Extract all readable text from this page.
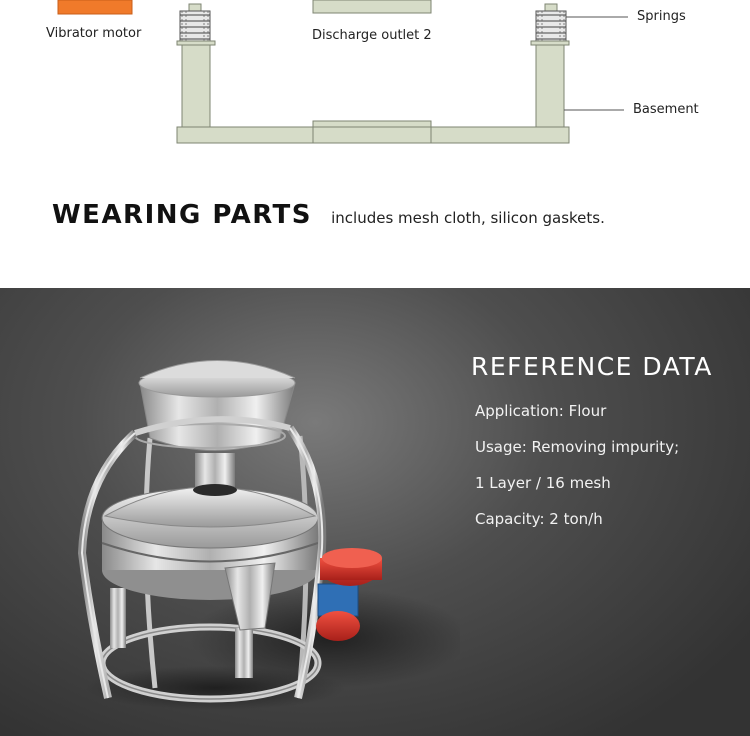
Vibrator motor	Discharge outlet 2
Springs
Basement
WEARING PARTS includes mesh cloth, silicon gaskets.
REFERENCE DATA
Application: Flour
Usage: Removing impurity;
1 Layer / 16 mesh
Capacity: 2 ton/h
